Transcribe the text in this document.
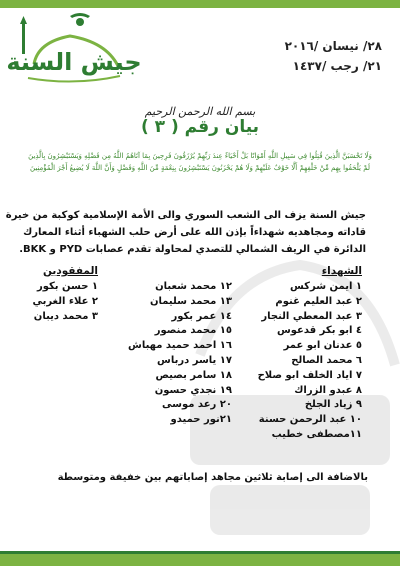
جيش السنة
٢٨/ نيسان /٢٠١٦
٢١/ رجب /١٤٣٧
بسم الله الرحمن الرحيم
بيان رقم ( ٣ )
وَلَا تَحْسَبَنَّ الَّذِينَ قُتِلُوا فِي سَبِيلِ اللَّهِ أَمْوَاتًا بَلْ أَحْيَاءٌ عِندَ رَبِّهِمْ يُرْزَقُونَ فَرِحِينَ بِمَا آتَاهُمُ اللَّهُ مِن فَضْلِهِ وَيَسْتَبْشِرُونَ بِالَّذِينَ
لَمْ يَلْحَقُوا بِهِم مِّنْ خَلْفِهِمْ أَلَّا خَوْفٌ عَلَيْهِمْ وَلَا هُمْ يَحْزَنُونَ يَسْتَبْشِرُونَ بِنِعْمَةٍ مِّنَ اللَّهِ وَفَضْلٍ وَأَنَّ اللَّهَ لَا يُضِيعُ أَجْرَ الْمُؤْمِنِينَ
جيش السنة يزف الى الشعب السوري والى الأمة الإسلامية كوكبة من خيرة
قاداته ومجاهديه شهداءاً بإذن الله على أرض حلب الشهباء أثناء المعارك
الدائرة في الريف الشمالي للتصدي لمحاولة تقدم عصابات PYD و BKK.
الشهداء
المفقودين
١ ايمن شركس
٢ عبد العليم غنوم
٣ عبد المعطي النجار
٤ ابو بكر قدعوس
٥ عدنان ابو عمر
٦ محمد الصالح
٧ اياد الخلف ابو صلاح
٨ عبدو الزراك
٩ زياد الجلخ
١٠ عبد الرحمن حسنة
١١مصطفى خطيب
١٢ محمد شعبان
١٣ محمد سليمان
١٤ عمر بكور
١٥ محمد منصور
١٦ احمد حميد مهباش
١٧ ياسر درباس
١٨ سامر بصيص
١٩ نجدي حسون
٢٠ رعد موسى
٢١نور حميدو
١ حسن بكور
٢ علاء الغربي
٣ محمد ديبان
بالاضافة الى إصابة ثلاثين مجاهد إصاباتهم بين خفيفة ومتوسطة
